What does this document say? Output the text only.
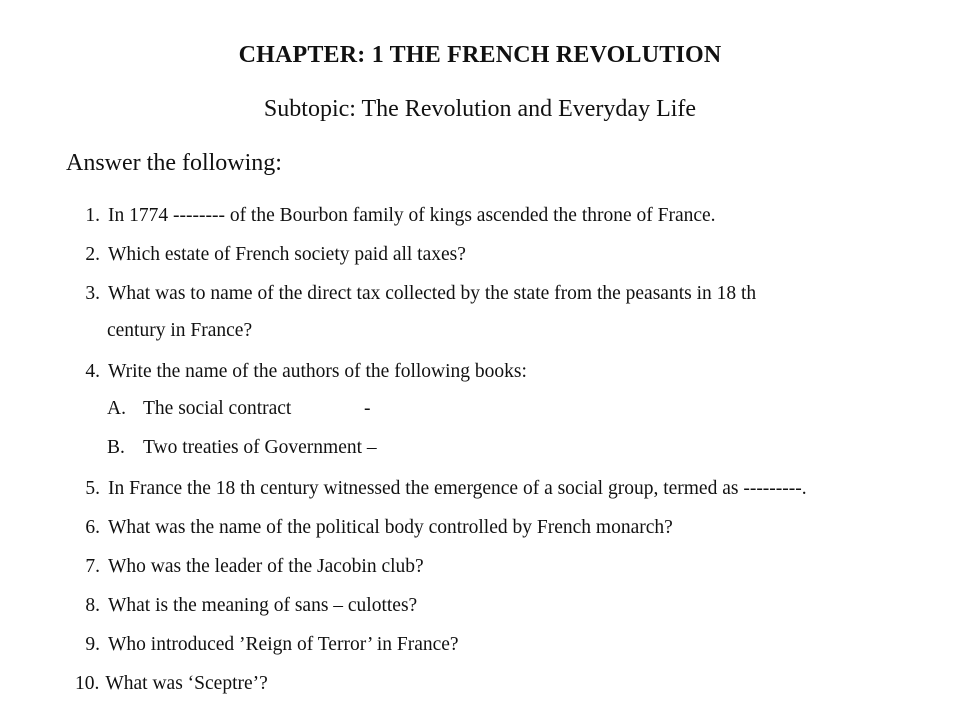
CHAPTER: 1 THE FRENCH REVOLUTION
Subtopic: The Revolution and Everyday Life
Answer the following:
1. In 1774 -------- of the Bourbon family of kings ascended the throne of France.
2. Which estate of French society paid all taxes?
3. What was to name of the direct tax collected by the state from the peasants in 18 th
century in France?
4. Write the name of the authors of the following books:
A. The social contract	-
B. Two treaties of Government –
5. In France the 18 th century witnessed the emergence of a social group, termed as ---------.
6. What was the name of the political body controlled by French monarch?
7. Who was the leader of the Jacobin club?
8. What is the meaning of sans – culottes?
9. Who introduced ’Reign of Terror’ in France?
10. What was ‘Sceptre’?
